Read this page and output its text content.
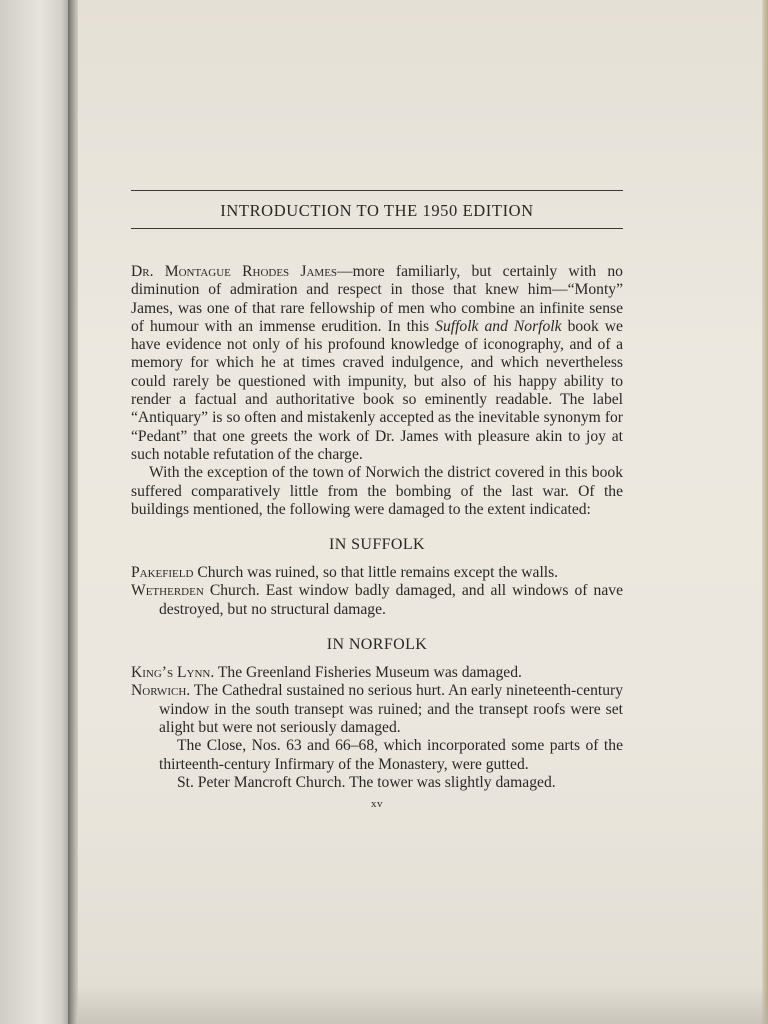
INTRODUCTION TO THE 1950 EDITION
Dr. Montague Rhodes James—more familiarly, but certainly with no diminution of admiration and respect in those that knew him—“Monty” James, was one of that rare fellowship of men who combine an infinite sense of humour with an immense erudition. In this Suffolk and Norfolk book we have evidence not only of his profound knowledge of iconography, and of a memory for which he at times craved indulgence, and which nevertheless could rarely be questioned with impunity, but also of his happy ability to render a factual and authoritative book so eminently readable. The label “Antiquary” is so often and mistakenly accepted as the inevitable synonym for “Pedant” that one greets the work of Dr. James with pleasure akin to joy at such notable refutation of the charge.
With the exception of the town of Norwich the district covered in this book suffered comparatively little from the bombing of the last war. Of the buildings mentioned, the following were damaged to the extent indicated:
IN SUFFOLK
Pakefield Church was ruined, so that little remains except the walls.
Wetherden Church. East window badly damaged, and all windows of nave destroyed, but no structural damage.
IN NORFOLK
King’s Lynn. The Greenland Fisheries Museum was damaged.
Norwich. The Cathedral sustained no serious hurt. An early nineteenth-century window in the south transept was ruined; and the transept roofs were set alight but were not seriously damaged.
The Close, Nos. 63 and 66–68, which incorporated some parts of the thirteenth-century Infirmary of the Monastery, were gutted.
St. Peter Mancroft Church. The tower was slightly damaged.
xv
